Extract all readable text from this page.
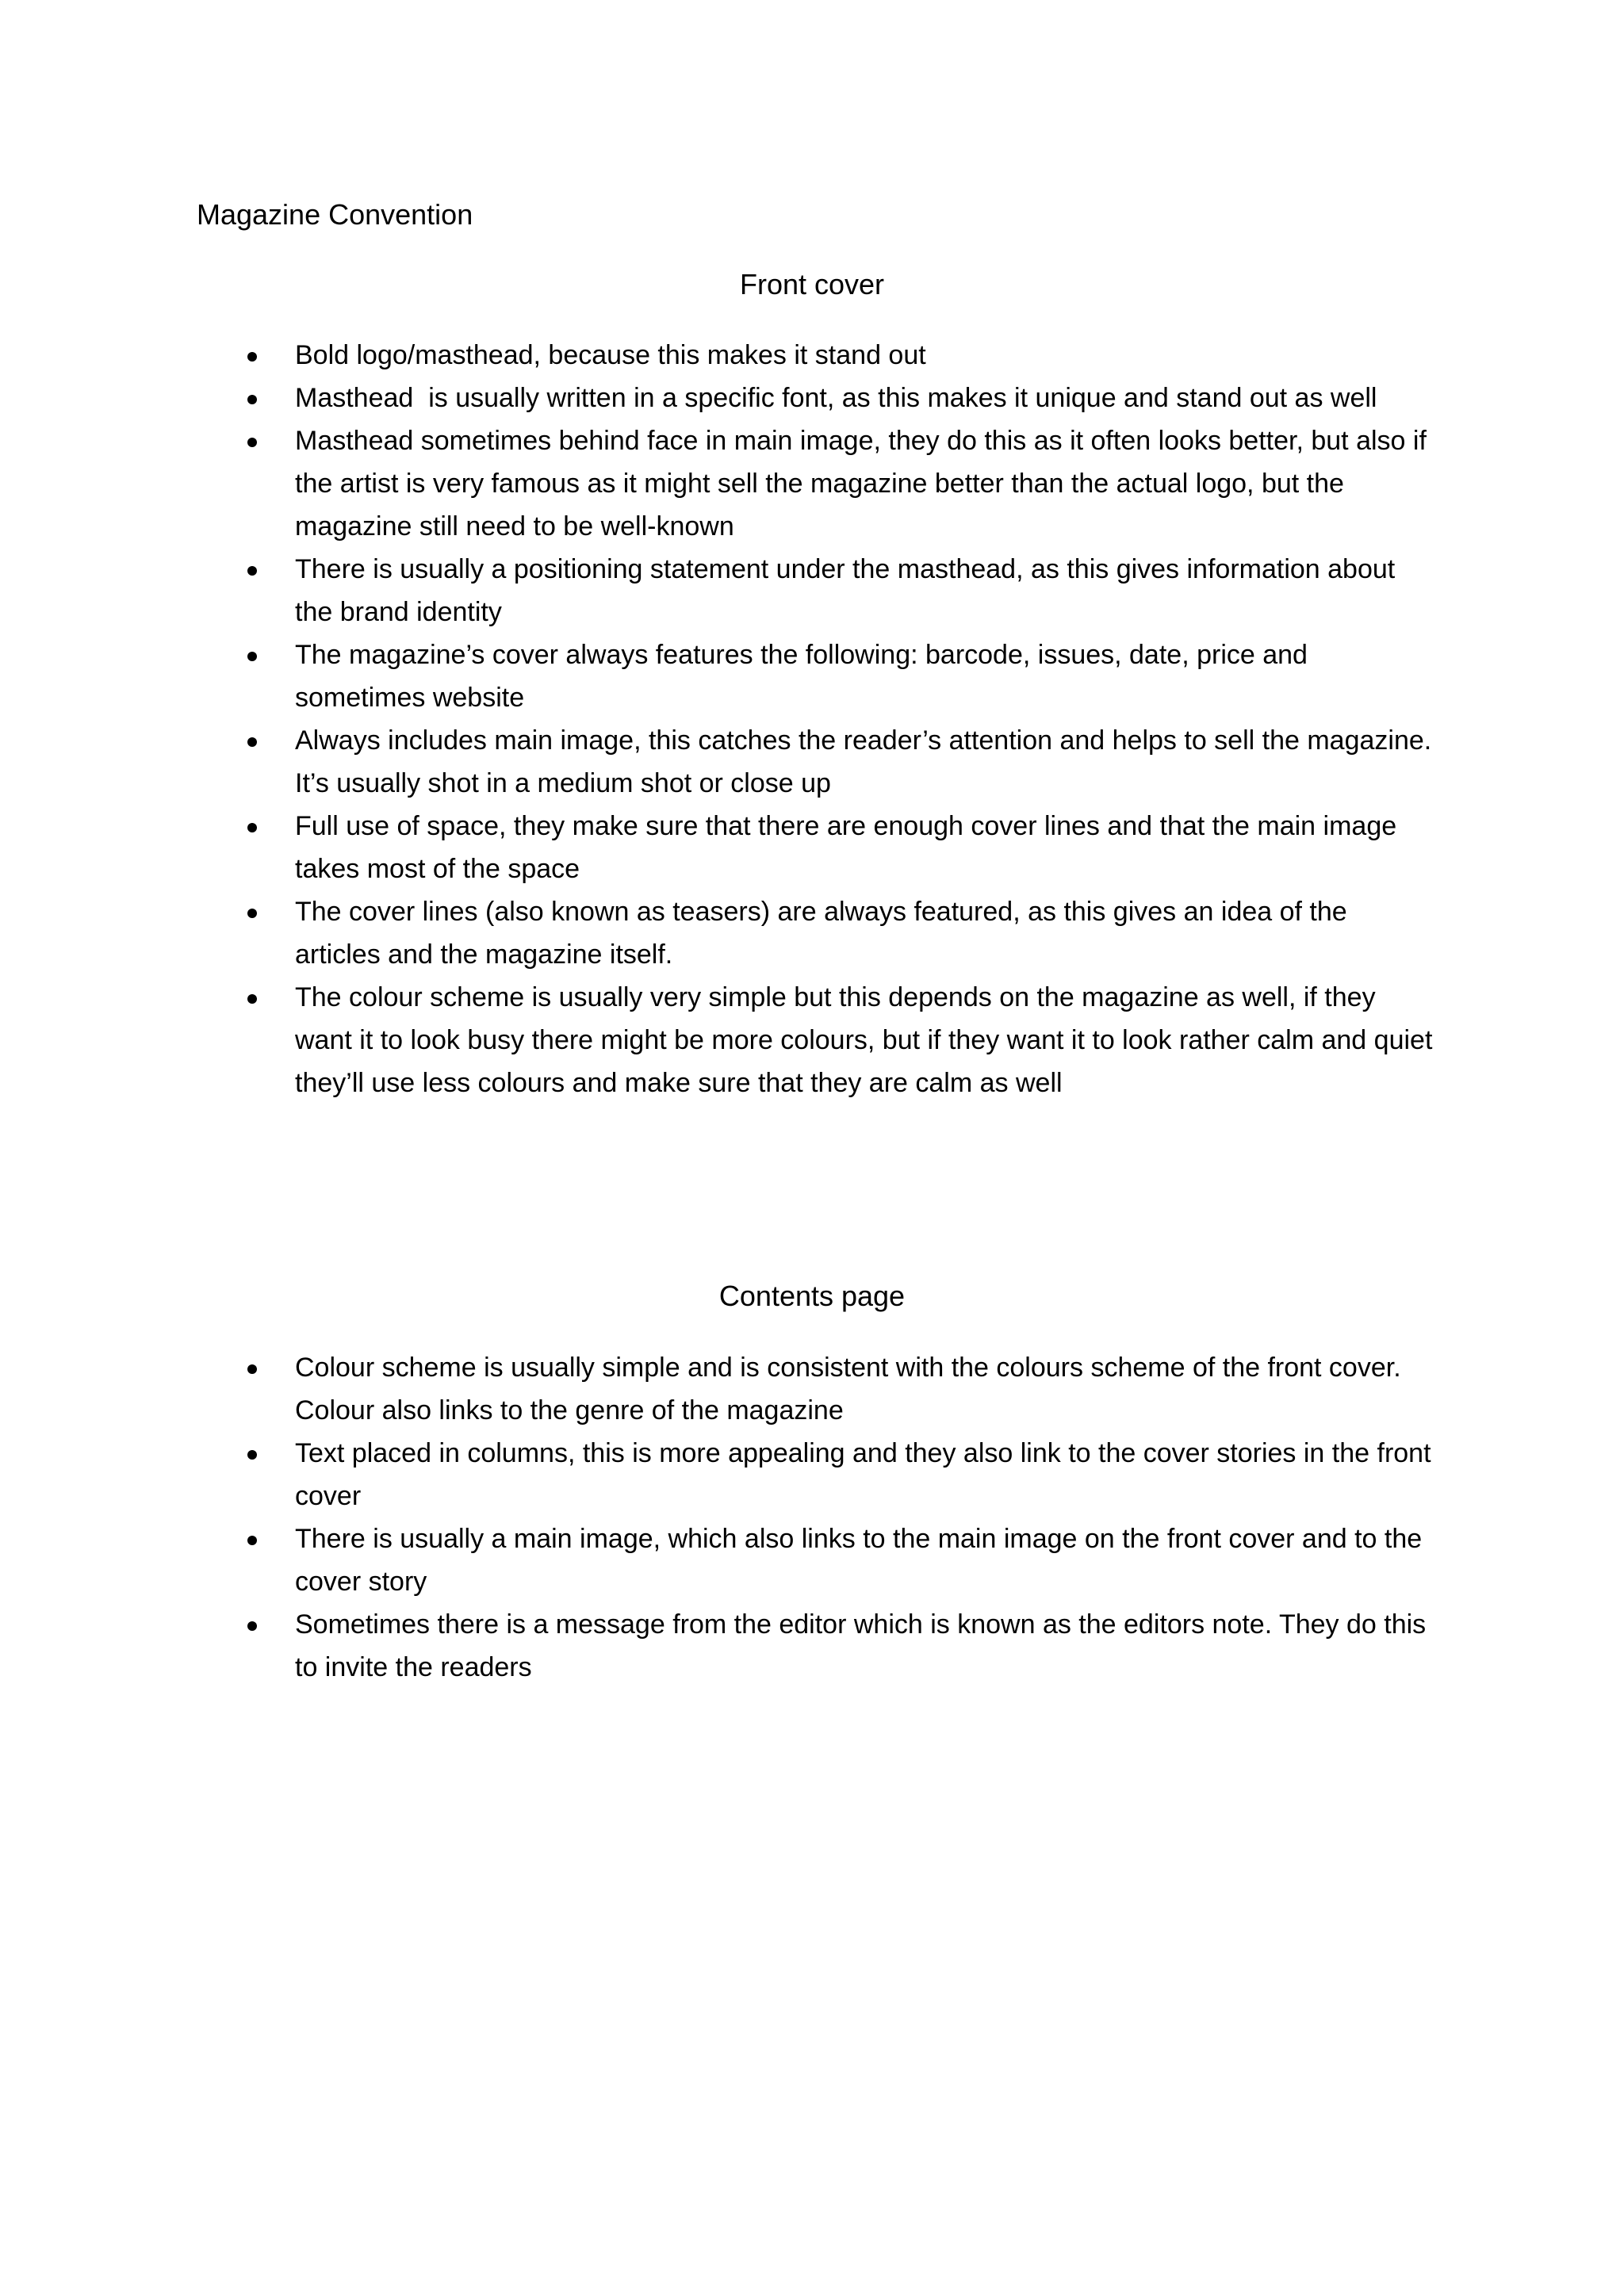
Magazine Convention

Front cover
Bold logo/masthead, because this makes it stand out
Masthead  is usually written in a specific font, as this makes it unique and stand out as well
Masthead sometimes behind face in main image, they do this as it often looks better, but also if the artist is very famous as it might sell the magazine better than the actual logo, but the magazine still need to be well-known
There is usually a positioning statement under the masthead, as this gives information about the brand identity
The magazine’s cover always features the following: barcode, issues, date, price and sometimes website
Always includes main image, this catches the reader’s attention and helps to sell the magazine. It’s usually shot in a medium shot or close up
Full use of space, they make sure that there are enough cover lines and that the main image takes most of the space
The cover lines (also known as teasers) are always featured, as this gives an idea of the articles and the magazine itself.
The colour scheme is usually very simple but this depends on the magazine as well, if they want it to look busy there might be more colours, but if they want it to look rather calm and quiet they’ll use less colours and make sure that they are calm as well
Contents page
Colour scheme is usually simple and is consistent with the colours scheme of the front cover. Colour also links to the genre of the magazine
Text placed in columns, this is more appealing and they also link to the cover stories in the front cover
There is usually a main image, which also links to the main image on the front cover and to the cover story
Sometimes there is a message from the editor which is known as the editors note. They do this to invite the readers
